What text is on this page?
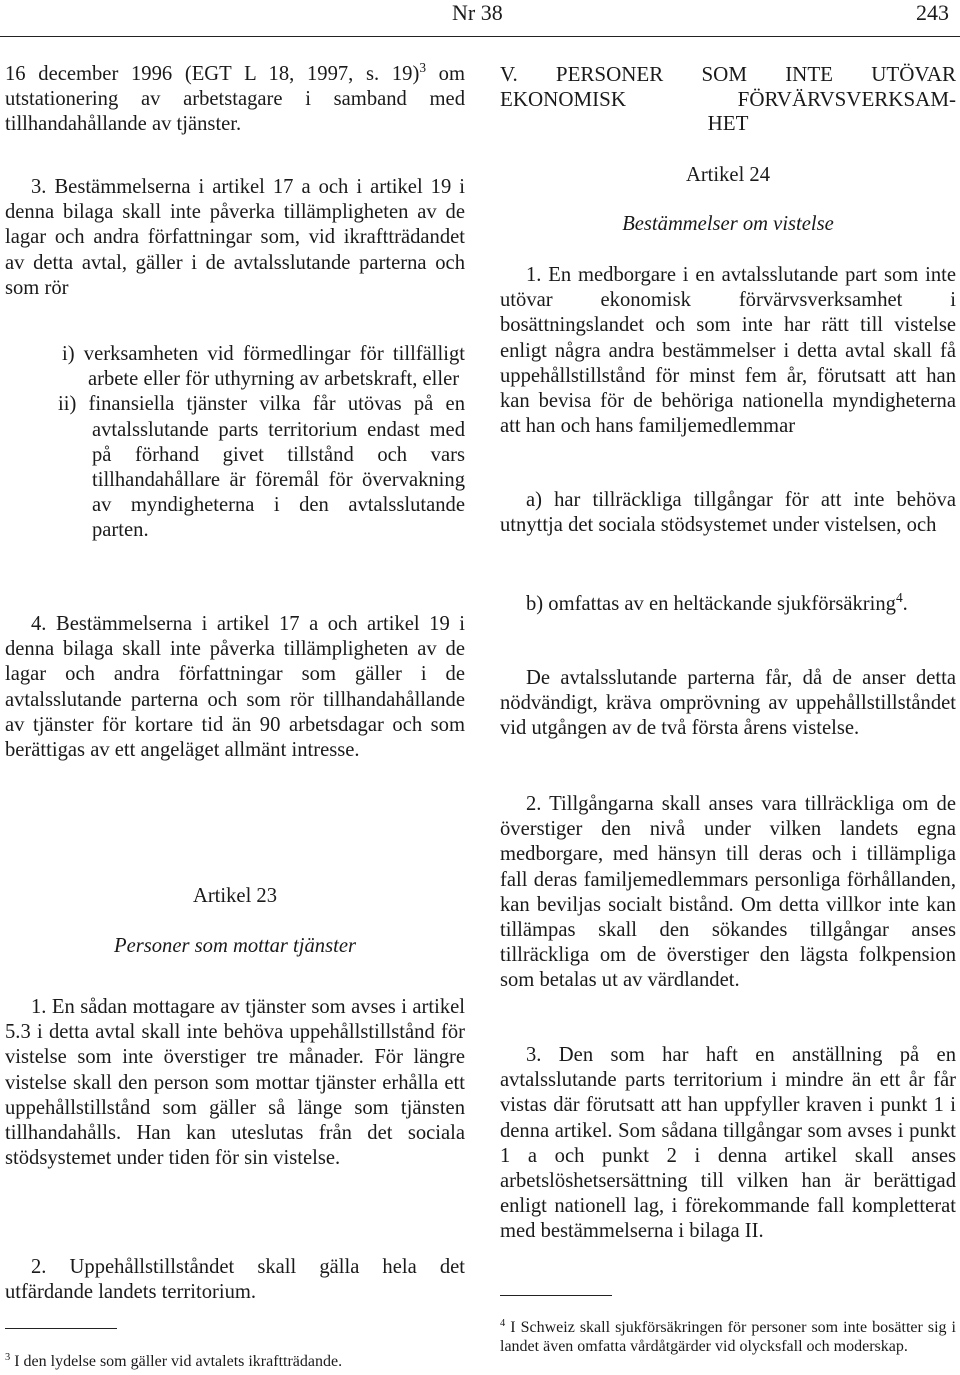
Nr 38	243

16 december 1996 (EGT L 18, 1997, s. 19)$^3$ om utstationering av arbetstagare i samband med tillhandahållande av tjänster.

3. Bestämmelserna i artikel 17 a och i artikel 19 i denna bilaga skall inte påverka tillämpligheten av de lagar och andra författningar som, vid ikraftträdandet av detta avtal, gäller i de avtalsslutande parterna och som rör

i) verksamheten vid förmedlingar för tillfälligt arbete eller för uthyrning av arbetskraft, eller

ii) finansiella tjänster vilka får utövas på en avtalsslutande parts territorium endast med på förhand givet tillstånd och vars tillhandahållare är föremål för övervakning av myndigheterna i den avtalsslutande parten.

4. Bestämmelserna i artikel 17 a och artikel 19 i denna bilaga skall inte påverka tillämpligheten av de lagar och andra författningar som gäller i de avtalsslutande parterna och som rör tillhandahållande av tjänster för kortare tid än 90 arbetsdagar och som berättigas av ett angeläget allmänt intresse.

Artikel 23
Personer som mottar tjänster

1. En sådan mottagare av tjänster som avses i artikel 5.3 i detta avtal skall inte behöva uppehållstillstånd för vistelse som inte överstiger tre månader. För längre vistelse skall den person som mottar tjänster erhålla ett uppehållstillstånd som gäller så länge som tjänsten tillhandahålls. Han kan uteslutas från det sociala stödsystemet under tiden för sin vistelse.

2. Uppehållstillståndet skall gälla hela det utfärdande landets territorium.

$^3$ I den lydelse som gäller vid avtalets ikraftträdande.

V. PERSONER SOM INTE UTÖVAR

EKONOMISK FÖRVÄRVSVERKSAM-

HET

Artikel 24
Bestämmelser om vistelse

1. En medborgare i en avtalsslutande part som inte utövar ekonomisk förvärvsverksamhet i bosättningslandet och som inte har rätt till vistelse enligt några andra bestämmelser i detta avtal skall få uppehållstillstånd för minst fem år, förutsatt att han kan bevisa för de behöriga nationella myndigheterna att han och hans familjemedlemmar

a) har tillräckliga tillgångar för att inte behöva utnyttja det sociala stödsystemet under vistelsen, och

b) omfattas av en heltäckande sjukförsäkring$^4$.

De avtalsslutande parterna får, då de anser detta nödvändigt, kräva omprövning av uppehållstillståndet vid utgången av de två första årens vistelse.

2. Tillgångarna skall anses vara tillräckliga om de överstiger den nivå under vilken landets egna medborgare, med hänsyn till deras och i tillämpliga fall deras familjemedlemmars personliga förhållanden, kan beviljas socialt bistånd. Om detta villkor inte kan tillämpas skall den sökandes tillgångar anses tillräckliga om de överstiger den lägsta folkpension som betalas ut av värdlandet.

3. Den som har haft en anställning på en avtalsslutande parts territorium i mindre än ett år får vistas där förutsatt att han uppfyller kraven i punkt 1 i denna artikel. Som sådana tillgångar som avses i punkt 1 a och punkt 2 i denna artikel skall anses arbetslöshetsersättning till vilken han är berättigad enligt nationell lag, i förekommande fall kompletterat med bestämmelserna i bilaga II.

$^4$ I Schweiz skall sjukförsäkringen för personer som inte bosätter sig i landet även omfatta vårdåtgärder vid olycksfall och moderskap.
